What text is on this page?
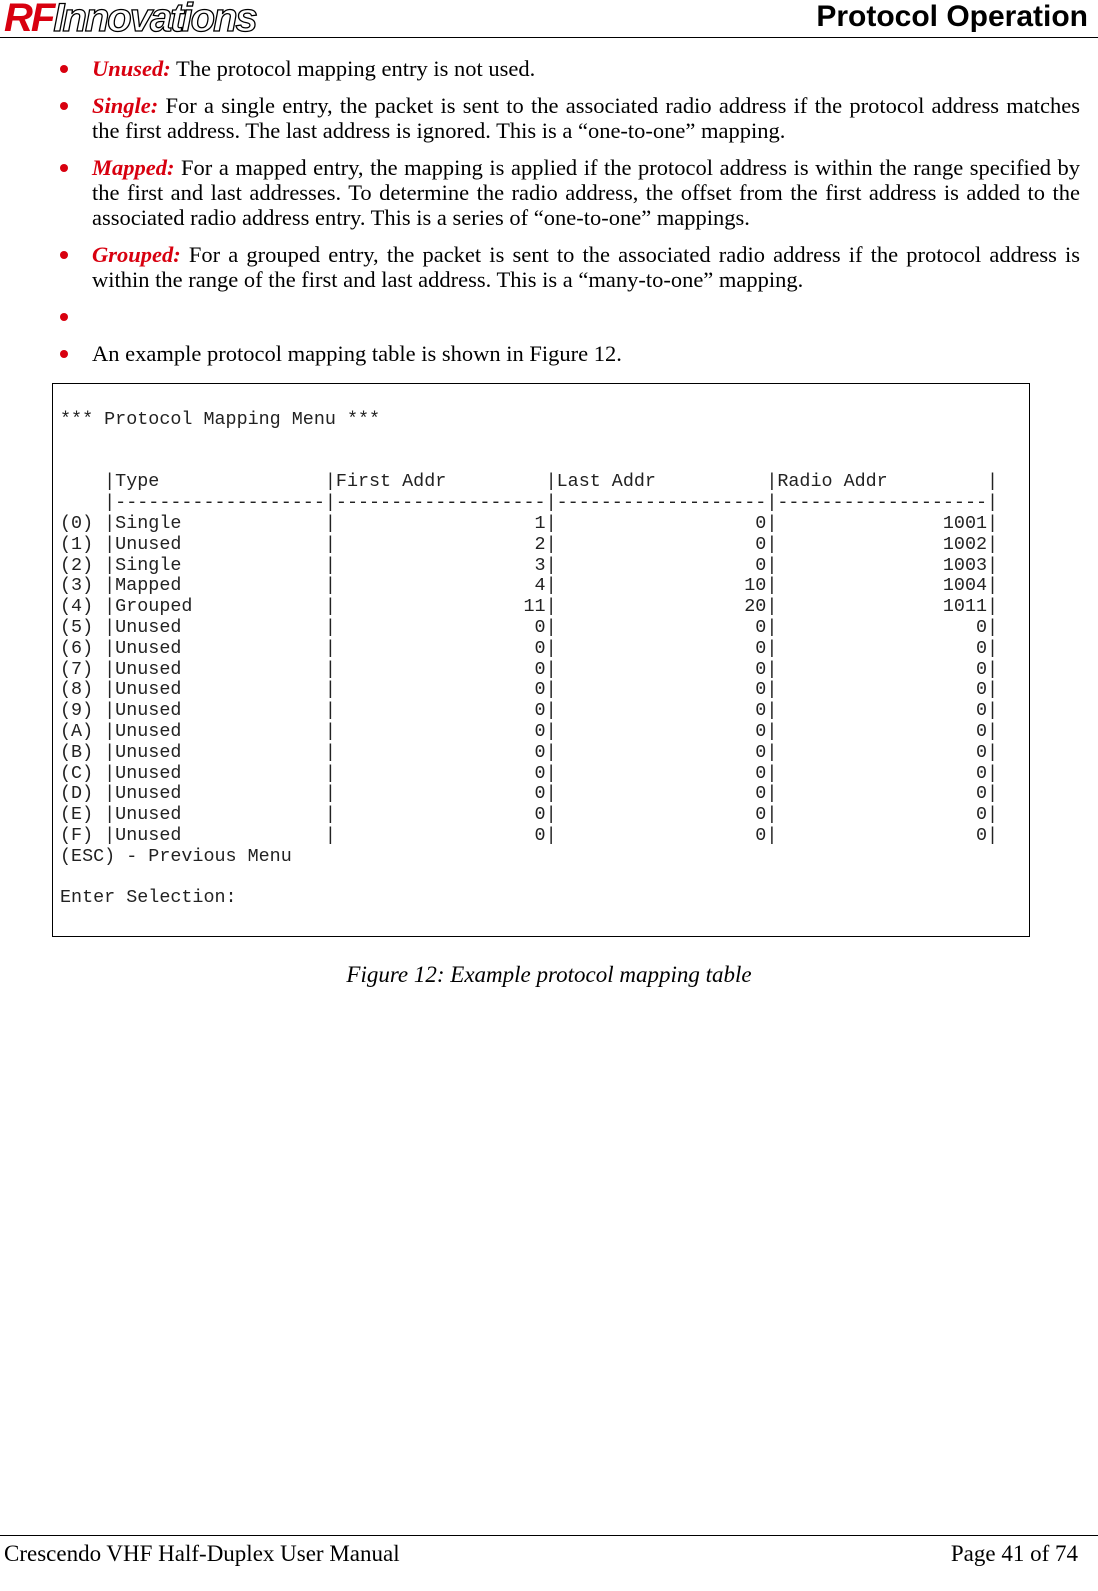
RFInnovations	Protocol Operation
Unused: The protocol mapping entry is not used.
Single: For a single entry, the packet is sent to the associated radio address if the protocol address matches the first address. The last address is ignored. This is a “one-to-one” mapping.
Mapped: For a mapped entry, the mapping is applied if the protocol address is within the range specified by the first and last addresses. To determine the radio address, the offset from the first address is added to the associated radio address entry. This is a series of “one-to-one” mappings.
Grouped: For a grouped entry, the packet is sent to the associated radio address if the protocol address is within the range of the first and last address. This is a “many-to-one” mapping.
An example protocol mapping table is shown in Figure 12.
*** Protocol Mapping Menu ***

|Type               |First Addr         |Last Addr          |Radio Addr         |
|-------------------|-------------------|-------------------|-------------------|
(0) |Single             |                  1|                  0|               1001|
(1) |Unused             |                  2|                  0|               1002|
(2) |Single             |                  3|                  0|               1003|
(3) |Mapped             |                  4|                 10|               1004|
(4) |Grouped            |                 11|                 20|               1011|
(5) |Unused             |                  0|                  0|                  0|
(6) |Unused             |                  0|                  0|                  0|
(7) |Unused             |                  0|                  0|                  0|
(8) |Unused             |                  0|                  0|                  0|
(9) |Unused             |                  0|                  0|                  0|
(A) |Unused             |                  0|                  0|                  0|
(B) |Unused             |                  0|                  0|                  0|
(C) |Unused             |                  0|                  0|                  0|
(D) |Unused             |                  0|                  0|                  0|
(E) |Unused             |                  0|                  0|                  0|
(F) |Unused             |                  0|                  0|                  0|
(ESC) - Previous Menu

Enter Selection:

Figure 12: Example protocol mapping table
Crescendo VHF Half-Duplex User Manual	Page 41 of 74
